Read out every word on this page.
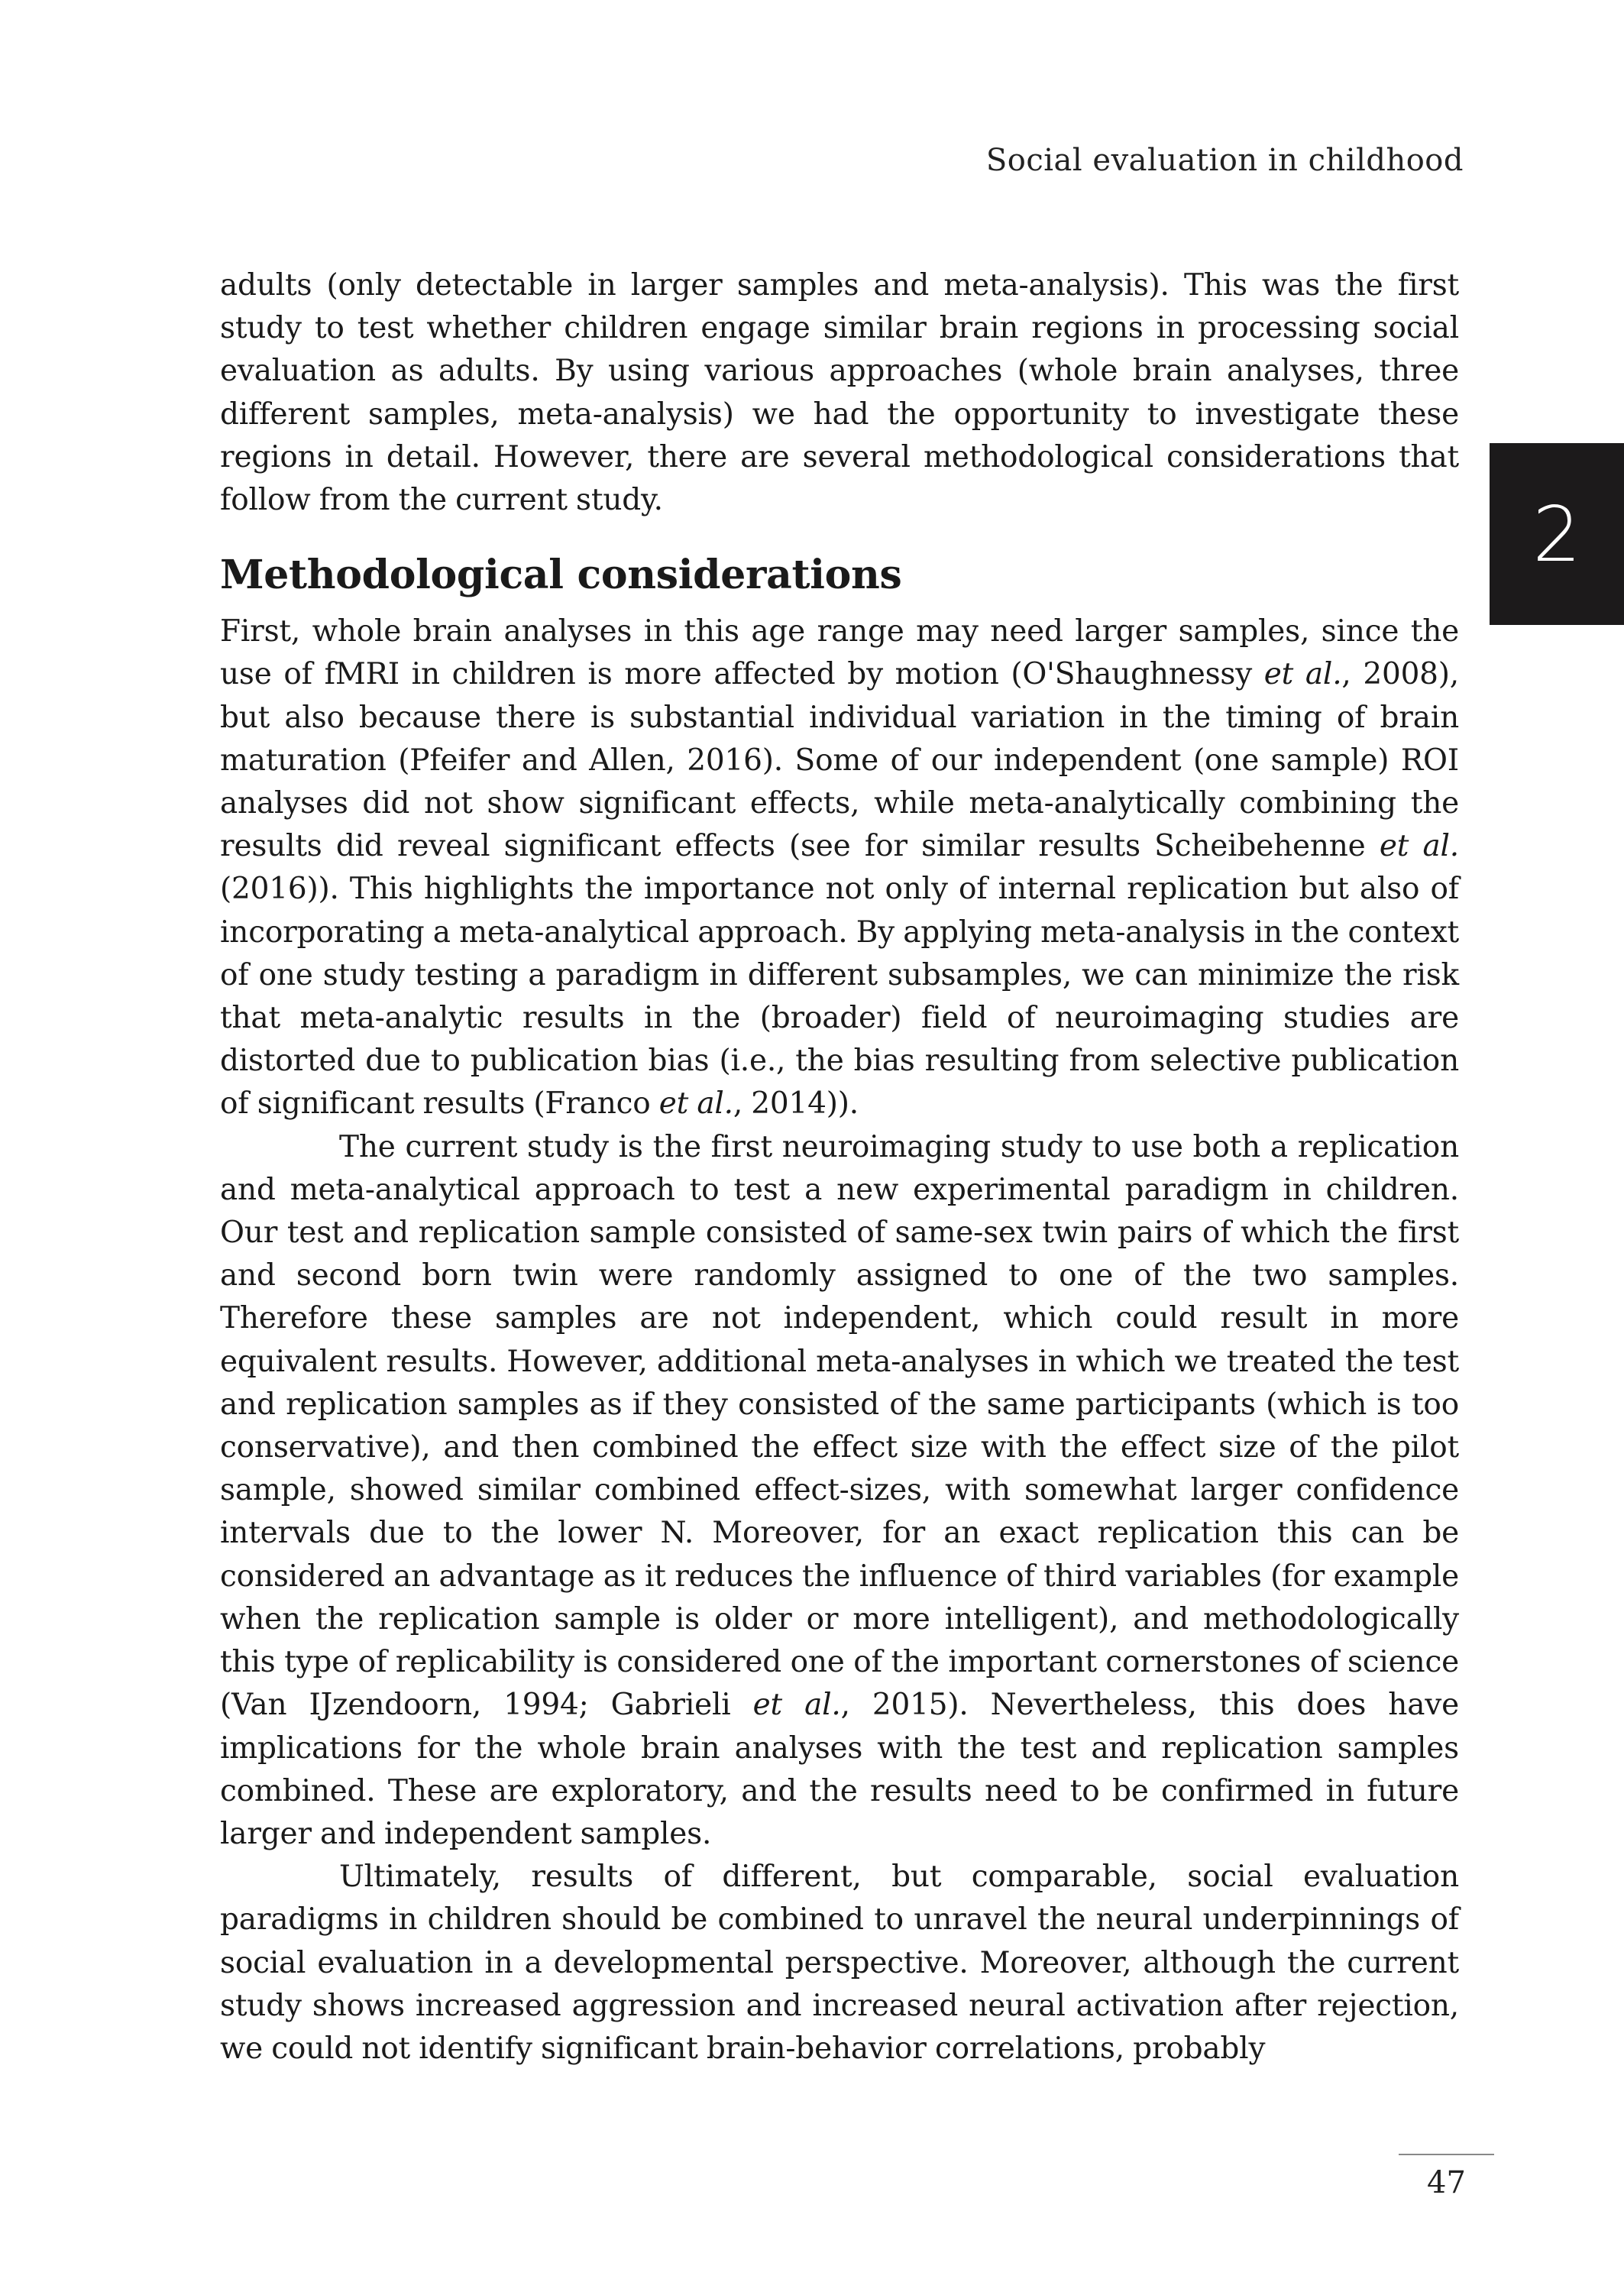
Social evaluation in childhood
2

adults (only detectable in larger samples and meta-analysis). This was the first study to test whether children engage similar brain regions in processing social evaluation as adults. By using various approaches (whole brain analyses, three different samples, meta-analysis) we had the opportunity to investigate these regions in detail. However, there are several methodological considerations that follow from the current study.

Methodological considerations

First, whole brain analyses in this age range may need larger samples, since the use of fMRI in children is more affected by motion (O'Shaughnessy et al., 2008), but also because there is substantial individual variation in the timing of brain maturation (Pfeifer and Allen, 2016). Some of our independent (one sample) ROI analyses did not show significant effects, while meta-analytically combining the results did reveal significant effects (see for similar results Scheibehenne et al. (2016)). This highlights the importance not only of internal replication but also of incorporating a meta-analytical approach. By applying meta-analysis in the context of one study testing a paradigm in different subsamples, we can minimize the risk that meta-analytic results in the (broader) field of neuroimaging studies are distorted due to publication bias (i.e., the bias resulting from selective publication of significant results (Franco et al., 2014)).

The current study is the first neuroimaging study to use both a replication and meta-analytical approach to test a new experimental paradigm in children. Our test and replication sample consisted of same-sex twin pairs of which the first and second born twin were randomly assigned to one of the two samples. Therefore these samples are not independent, which could result in more equivalent results. However, additional meta-analyses in which we treated the test and replication samples as if they consisted of the same participants (which is too conservative), and then combined the effect size with the effect size of the pilot sample, showed similar combined effect-sizes, with somewhat larger confidence intervals due to the lower N. Moreover, for an exact replication this can be considered an advantage as it reduces the influence of third variables (for example when the replication sample is older or more intelligent), and methodologically this type of replicability is considered one of the important cornerstones of science (Van IJzendoorn, 1994; Gabrieli et al., 2015). Nevertheless, this does have implications for the whole brain analyses with the test and replication samples combined. These are exploratory, and the results need to be confirmed in future larger and independent samples.

Ultimately, results of different, but comparable, social evaluation paradigms in children should be combined to unravel the neural underpinnings of social evaluation in a developmental perspective. Moreover, although the current study shows increased aggression and increased neural activation after rejection, we could not identify significant brain-behavior correlations, probably

47
